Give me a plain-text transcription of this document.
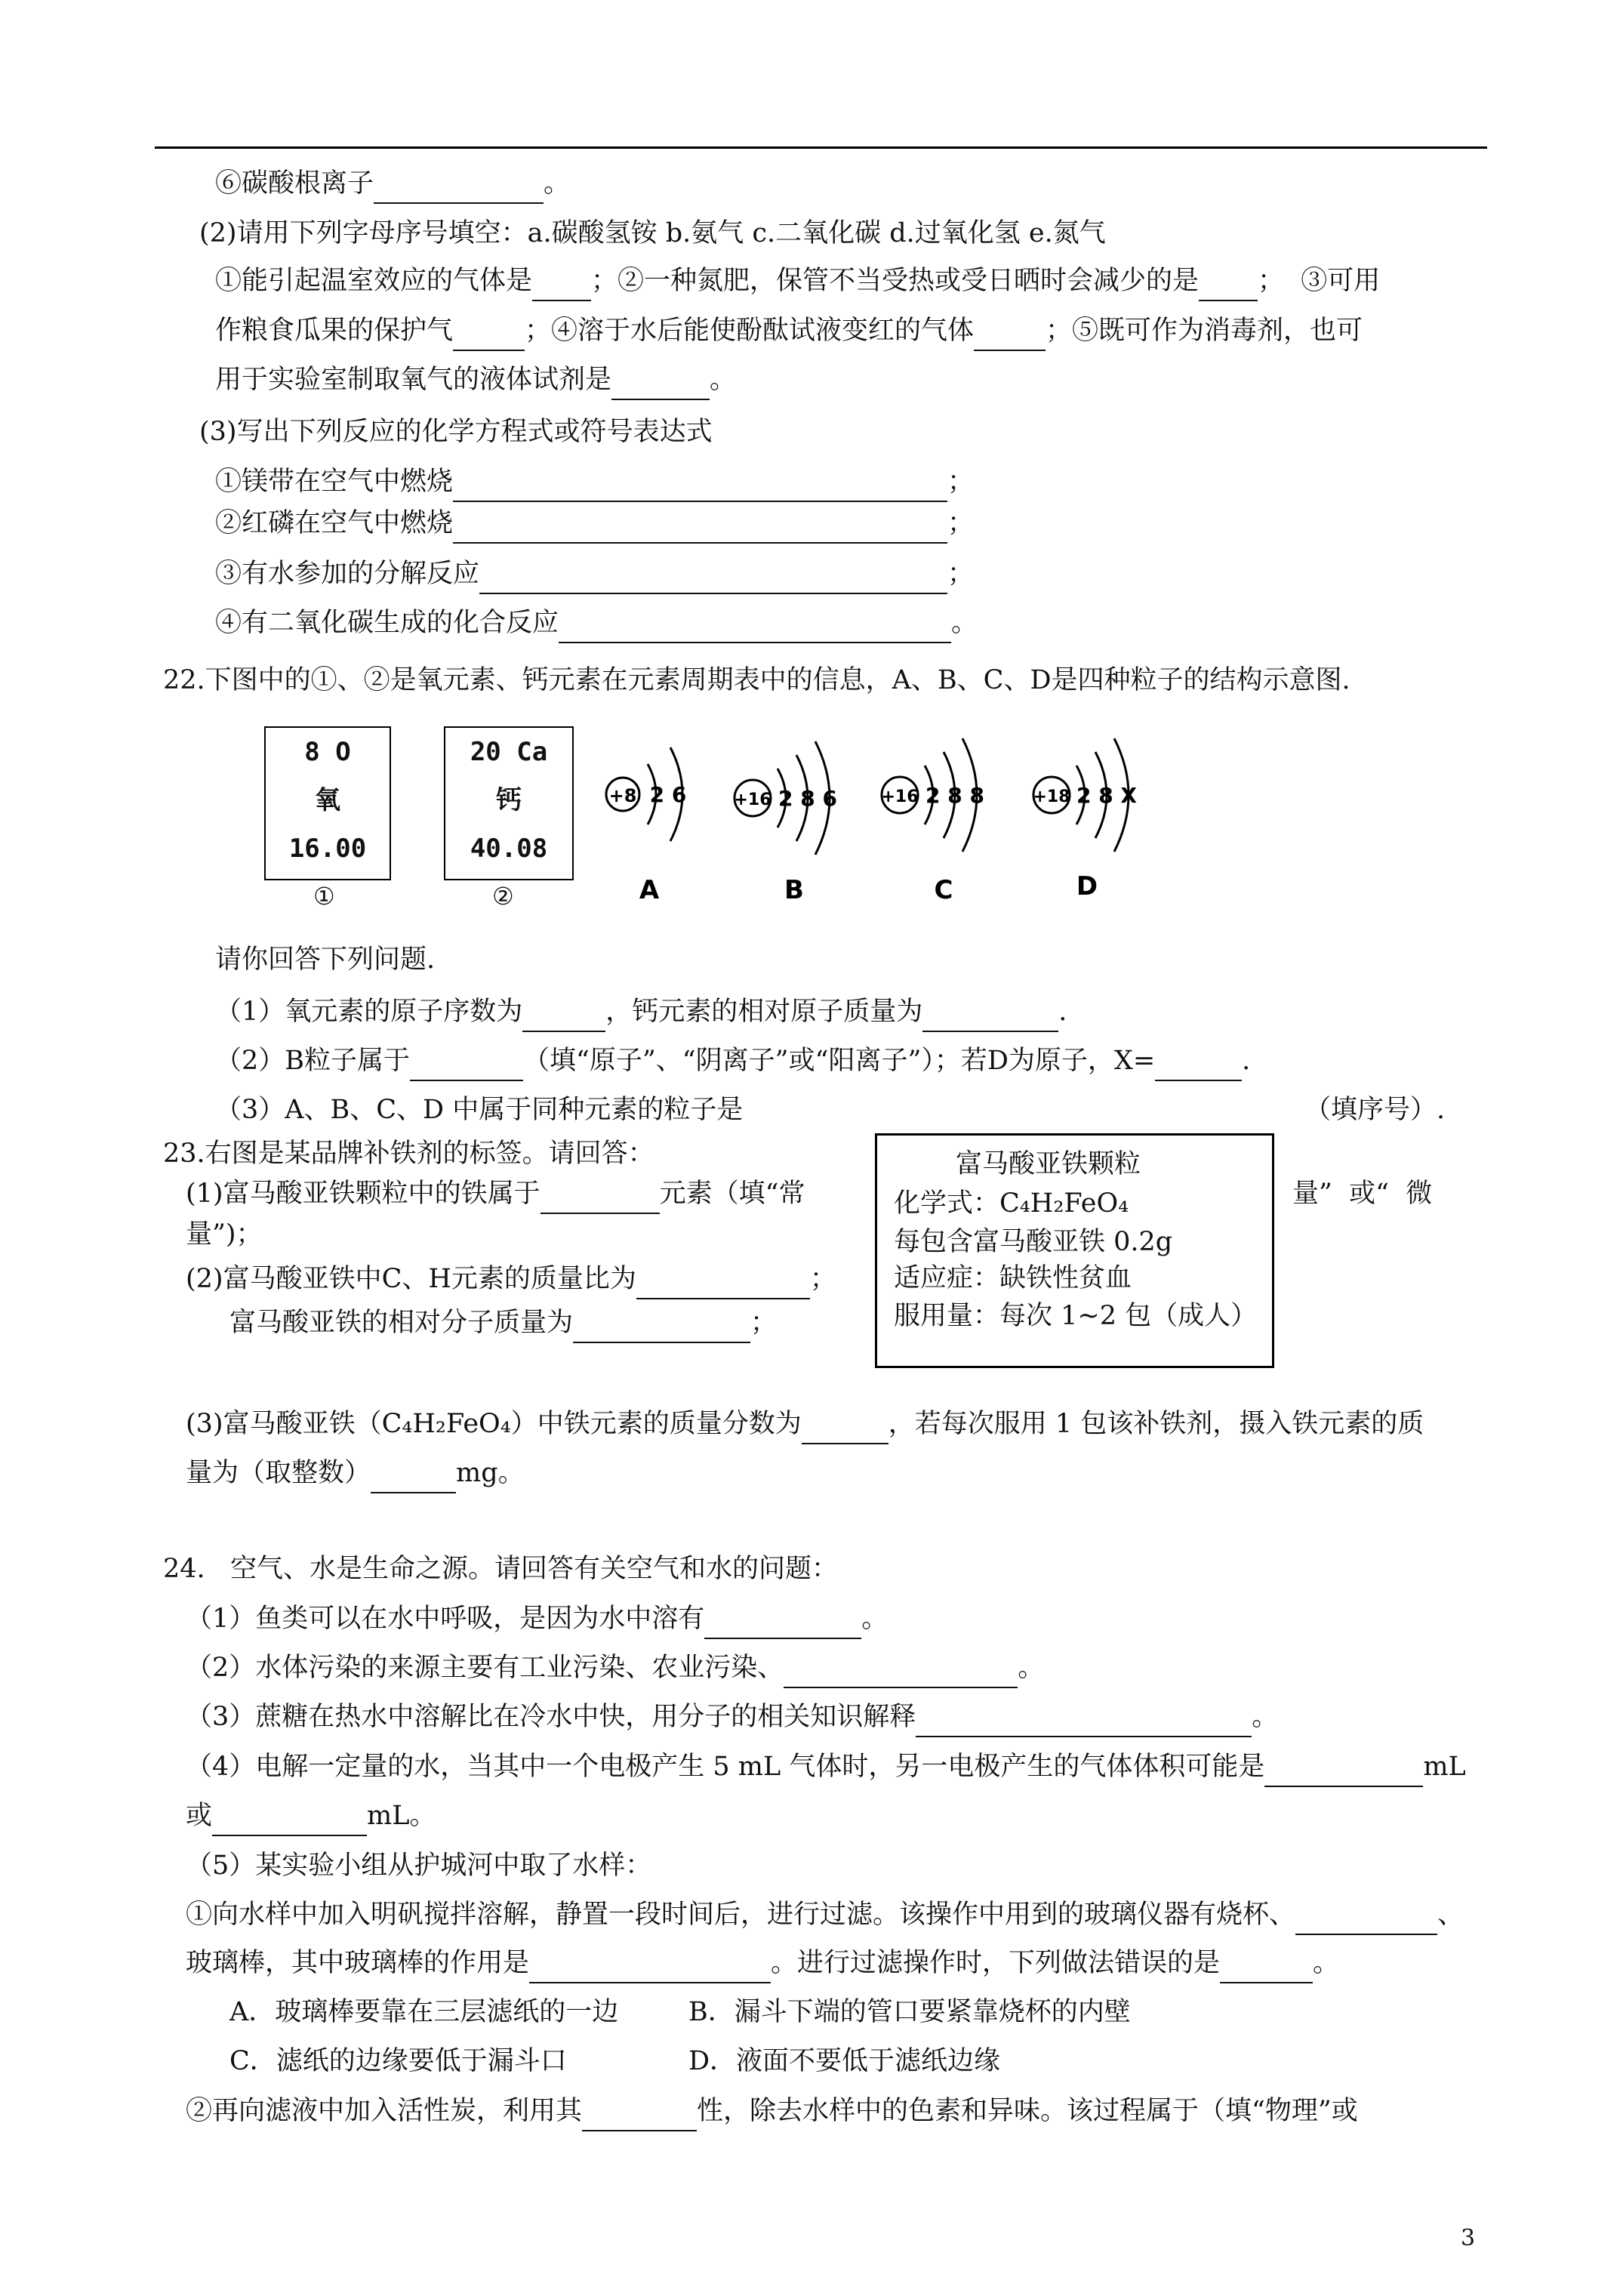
⑥碳酸根离子	。
(2)请用下列字母序号填空：a.碳酸氢铵 b.氨气 c.二氧化碳 d.过氧化氢 e.氮气
①能引起温室效应的气体是 ；②一种氮肥，保管不当受热或受日晒时会减少的是 ；  ③可用
作粮食瓜果的保护气	；④溶于水后能使酚酞试液变红的气体	；⑤既可作为消毒剂，也可
用于实验室制取氧气的液体试剂是	。
(3)写出下列反应的化学方程式或符号表达式
①镁带在空气中燃烧	；
②红磷在空气中燃烧	；
③有水参加的分解反应	；
④有二氧化碳生成的化合反应	。
22.下图中的①、②是氧元素、钙元素在元素周期表中的信息，A、B、C、D是四种粒子的结构示意图.
8 O
氧
16.00
①
20 Ca
钙
40.08
②
+8 2 6
A
+16 2 8 6
B
+16 2 8 8
C
+18 2 8 X
D
请你回答下列问题.
（1）氧元素的原子序数为	，钙元素的相对原子质量为	.
（2）B粒子属于	（填“原子”、“阴离子”或“阳离子”）；若D为原子，X=	.
（3）A、B、C、D 中属于同种元素的粒子是	（填序号）.
23.右图是某品牌补铁剂的标签。请回答：	富马酸亚铁颗粒
化学式：C₄H₂FeO₄
每包含富马酸亚铁 0.2g
适应症：缺铁性贫血
服用量：每次 1~2 包（成人）
(1)富马酸亚铁颗粒中的铁属于	元素（填“常	量”  或“  微
量”)；
(2)富马酸亚铁中C、H元素的质量比为	；
富马酸亚铁的相对分子质量为	；
(3)富马酸亚铁（C₄H₂FeO₄）中铁元素的质量分数为	，若每次服用 1 包该补铁剂，摄入铁元素的质
量为（取整数）	mg。
24.   空气、水是生命之源。请回答有关空气和水的问题：
（1）鱼类可以在水中呼吸，是因为水中溶有	。
（2）水体污染的来源主要有工业污染、农业污染、	。
（3）蔗糖在热水中溶解比在冷水中快，用分子的相关知识解释	。
（4）电解一定量的水，当其中一个电极产生 5 mL 气体时，另一电极产生的气体体积可能是	mL
或	mL。
（5）某实验小组从护城河中取了水样：
①向水样中加入明矾搅拌溶解，静置一段时间后，进行过滤。该操作中用到的玻璃仪器有烧杯、	、
玻璃棒，其中玻璃棒的作用是	。进行过滤操作时，下列做法错误的是	。
A．玻璃棒要靠在三层滤纸的一边	B．漏斗下端的管口要紧靠烧杯的内壁
C．滤纸的边缘要低于漏斗口	D．液面不要低于滤纸边缘
②再向滤液中加入活性炭，利用其	性，除去水样中的色素和异味。该过程属于（填“物理”或
3
